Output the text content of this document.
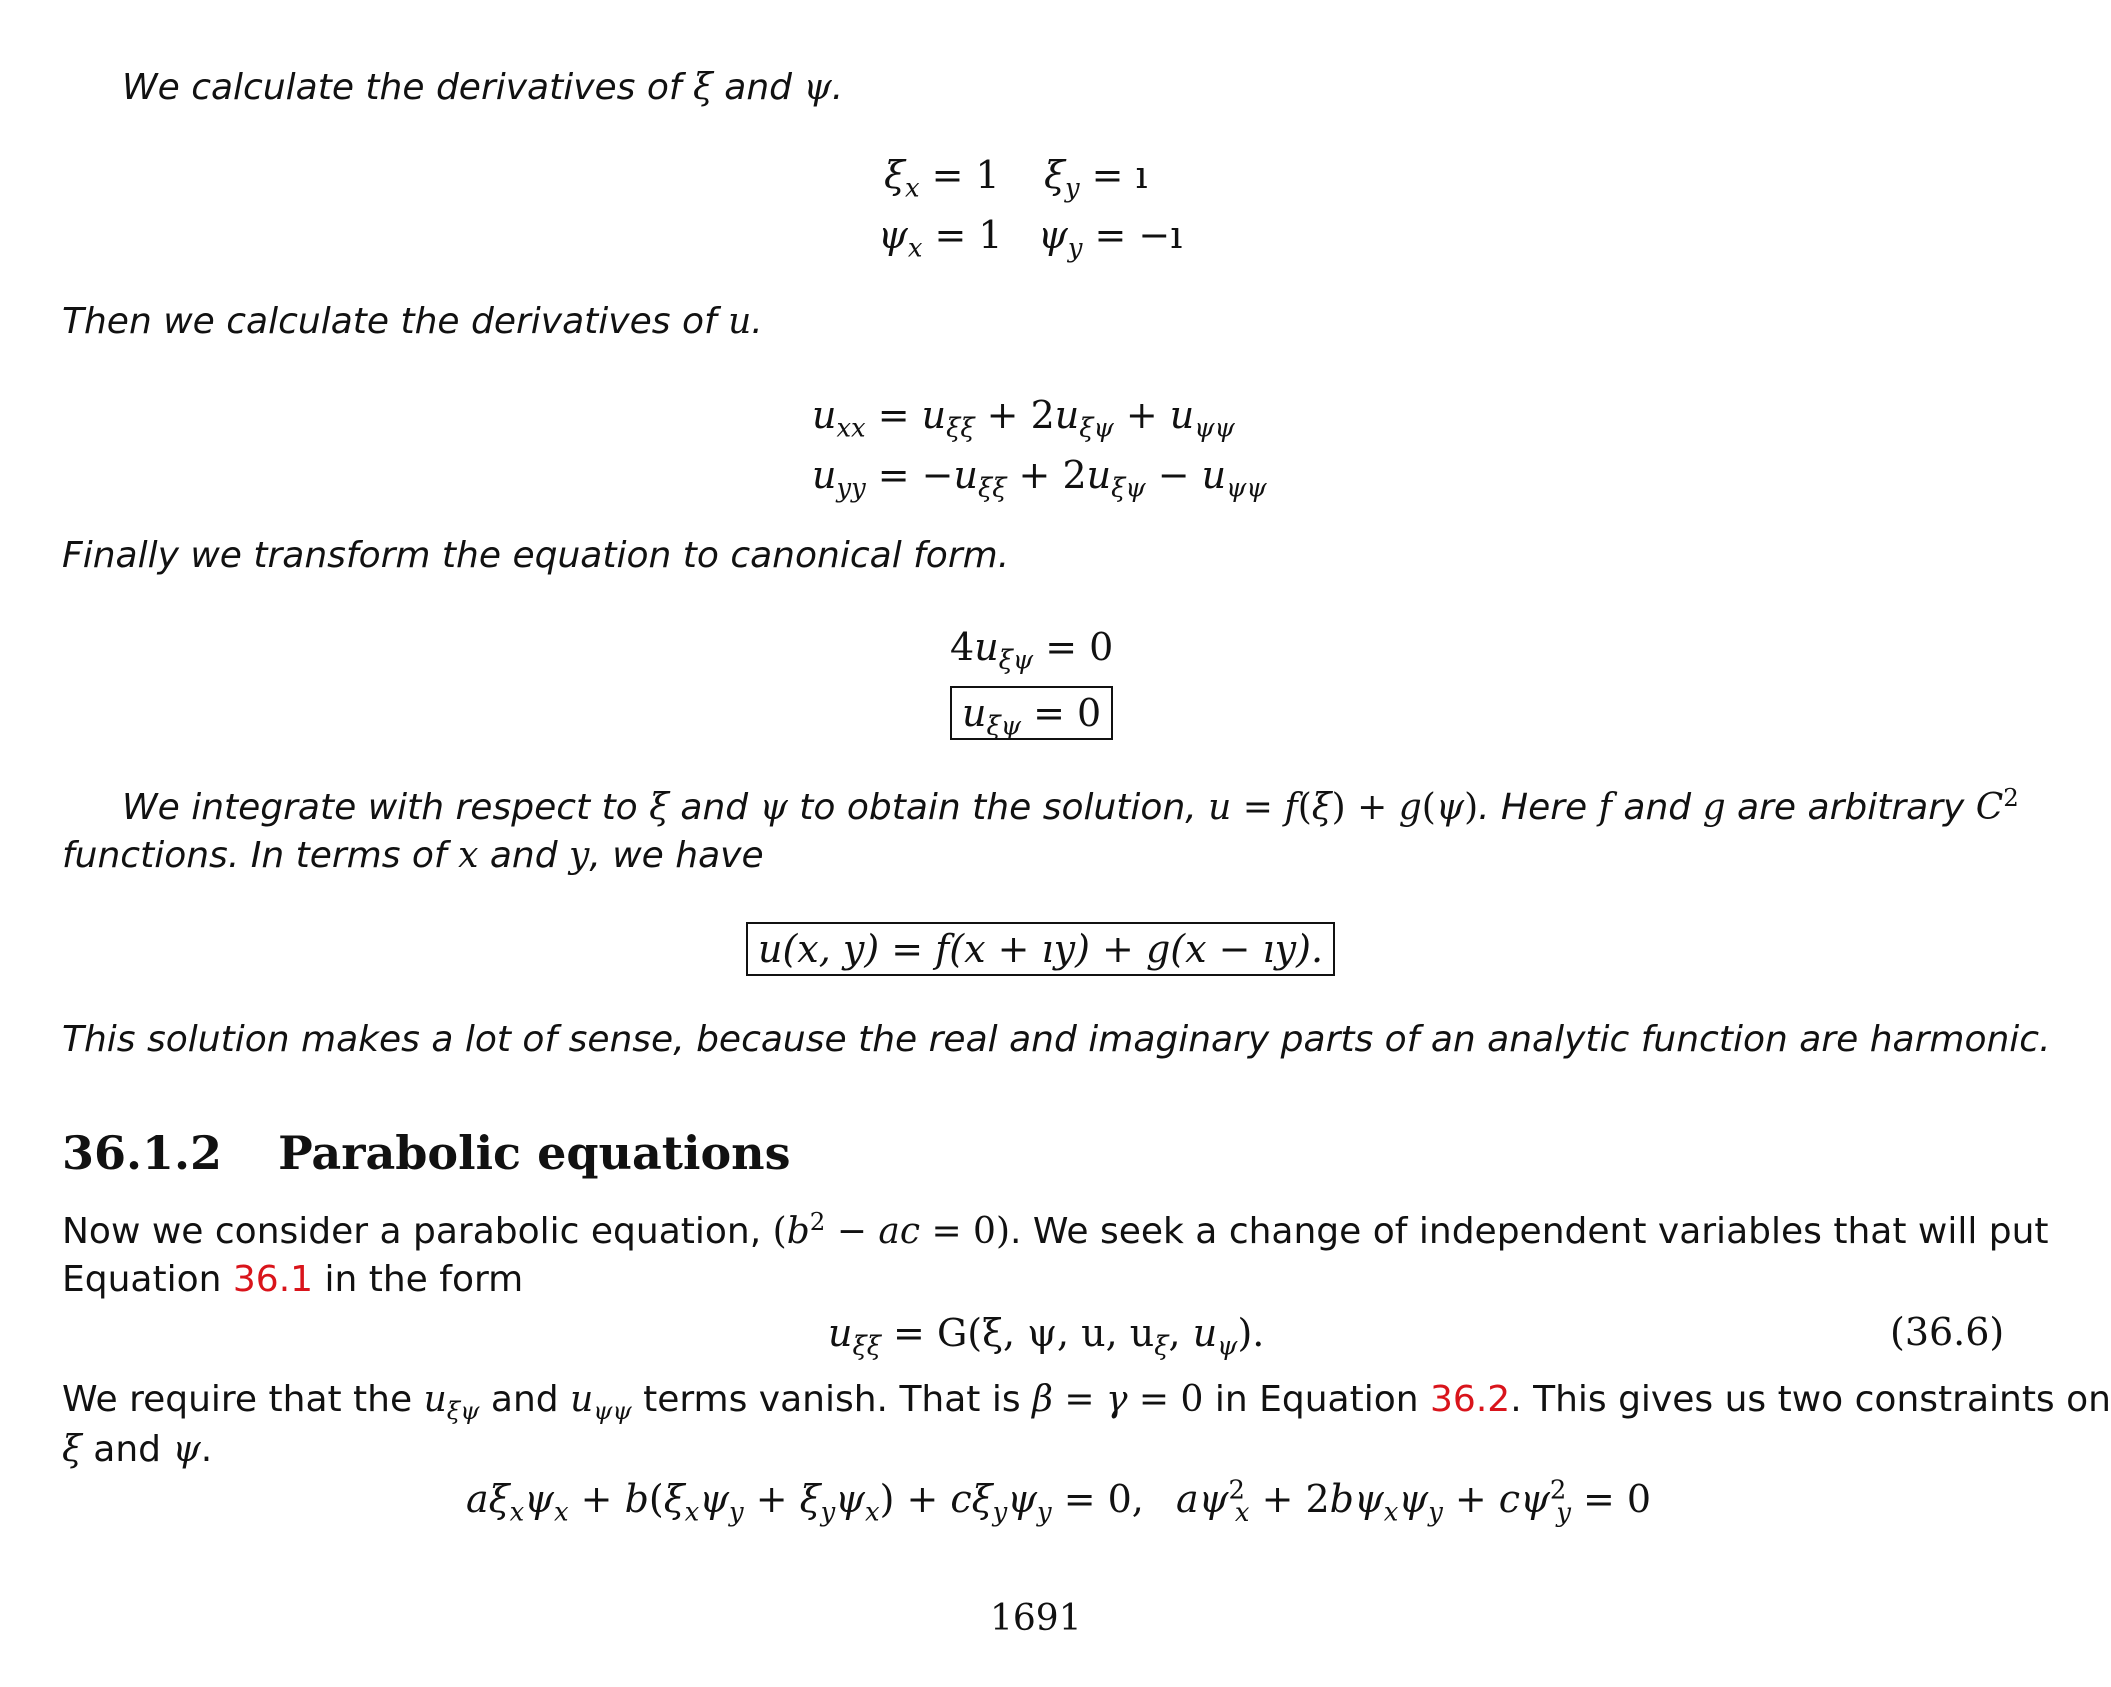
We calculate the derivatives of ξ and ψ.
$\xi_x = 1$ $\xi_y$ = ı
$\psi_x = 1$ $\psi_y$ = −ı
Then we calculate the derivatives of u.
$u_{xx} = u_{\xi\xi} + 2u_{\xi\psi} + u_{\psi\psi}$
$u_{yy} = -u_{\xi\xi} + 2u_{\xi\psi} - u_{\psi\psi}$
Finally we transform the equation to canonical form.
$4u_{\xi\psi} = 0$
$u_{\xi\psi} = 0$
We integrate with respect to ξ and ψ to obtain the solution, u = f(ξ) + g(ψ). Here f and g are arbitrary $C^2$
functions. In terms of x and y, we have
u(x, y) = f(x + ıy) + g(x − ıy).
This solution makes a lot of sense, because the real and imaginary parts of an analytic function are harmonic.
36.1.2 Parabolic equations
Now we consider a parabolic equation, ($b^2$ − ac = 0). We seek a change of independent variables that will put
Equation 36.1 in the form
$u_{\xi\xi} = G(\xi$, ψ, u, $u_\xi$, $u_\psi$).	(36.6)
We require that the $u_{\xi\psi}$ and $u_{\psi\psi}$ terms vanish. That is β = γ = 0 in Equation 36.2. This gives us two constraints on
ξ and ψ.
$a\xi_x\psi_x + b(\xi_x\psi_y + \xi_y\psi_x) + c\xi_y\psi_y = 0$, $a\psi^2_x + 2b\psi_x\psi_y + c\psi^2_y = 0$
1691
